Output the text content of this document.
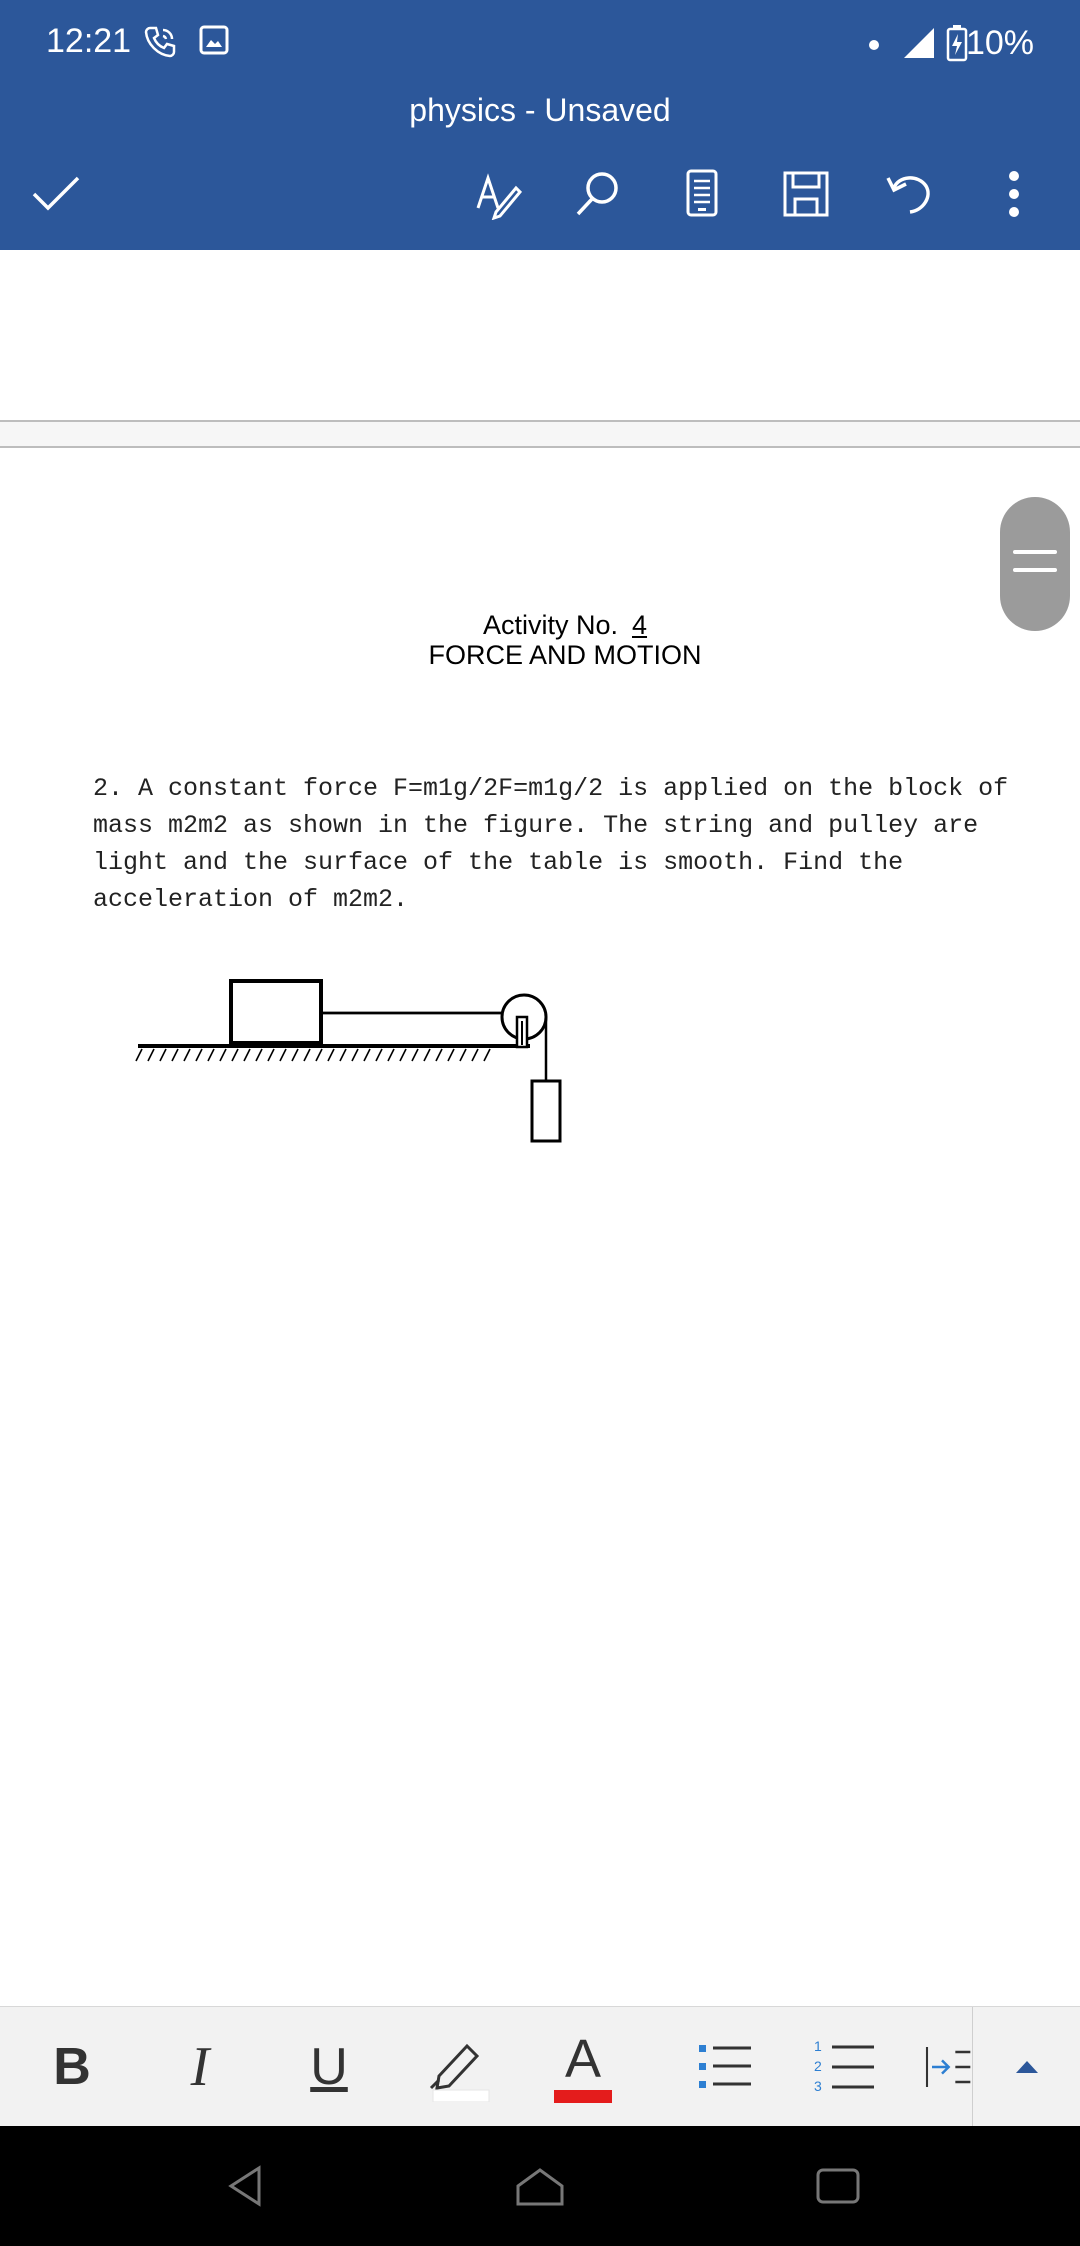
12:21	10%
physics - Unsaved
Activity No. 4
FORCE AND MOTION
2. A constant force F=m1g/2F=m1g/2 is applied on the block of
mass m2m2 as shown in the figure. The string and pulley are
light and the surface of the table is smooth. Find the
acceleration of m2m2.
B I U	A	1
2
3
